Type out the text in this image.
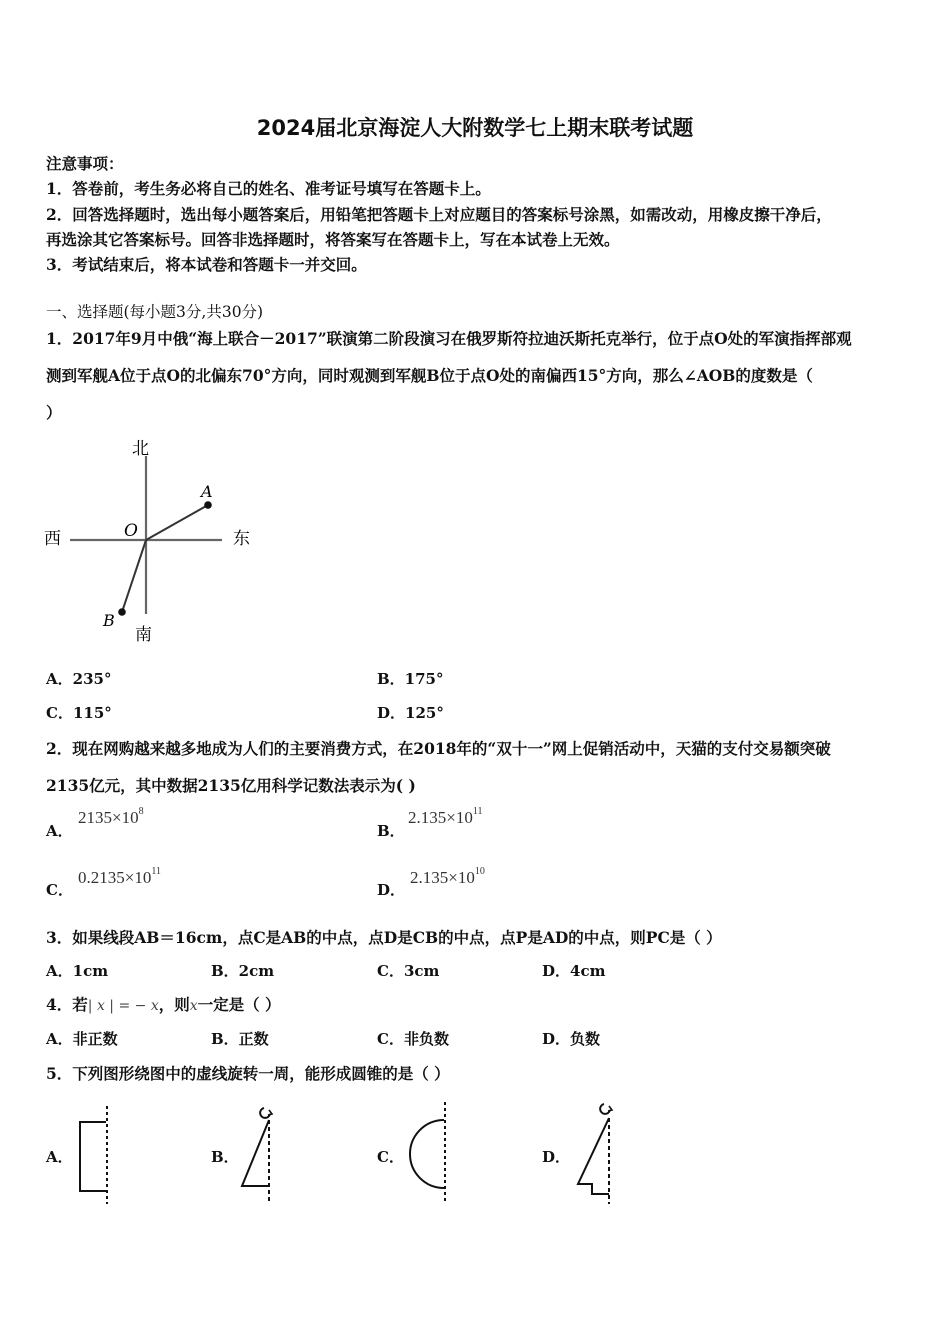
2024届北京海淀人大附数学七上期末联考试题
注意事项：
1．答卷前，考生务必将自己的姓名、准考证号填写在答题卡上。
2．回答选择题时，选出每小题答案后，用铅笔把答题卡上对应题目的答案标号涂黑，如需改动，用橡皮擦干净后，
再选涂其它答案标号。回答非选择题时，将答案写在答题卡上，写在本试卷上无效。
3．考试结束后，将本试卷和答题卡一并交回。
一、选择题(每小题3分,共30分)
1．2017年9月中俄“海上联合－2017”联演第二阶段演习在俄罗斯符拉迪沃斯托克举行，位于点O处的军演指挥部观
测到军舰A位于点O的北偏东70°方向，同时观测到军舰B位于点O处的南偏西15°方向，那么∠AOB的度数是（
）
北
南
西	东
O
A
B
A．235°	B．175°
C．115°	D．125°
2．现在网购越来越多地成为人们的主要消费方式，在2018年的“双十一”网上促销活动中，天猫的支付交易额突破
2135亿元，其中数据2135亿用科学记数法表示为( )
A．
$2135\times 10^8$
B．
$2.135\times 10^{11}$
C．
$0.2135\times 10^{11}$
D．
$2.135\times 10^{10}$
3．如果线段AB＝16cm，点C是AB的中点，点D是CB的中点，点P是AD的中点，则PC是（ ）
A．1cm	B．2cm	C．3cm	D．4cm
4．若| x | = − x，则x一定是（ ）
A．非正数	B．正数	C．非负数	D．负数
5．下列图形绕图中的虚线旋转一周，能形成圆锥的是（ ）
A．	B．	C．	D．
